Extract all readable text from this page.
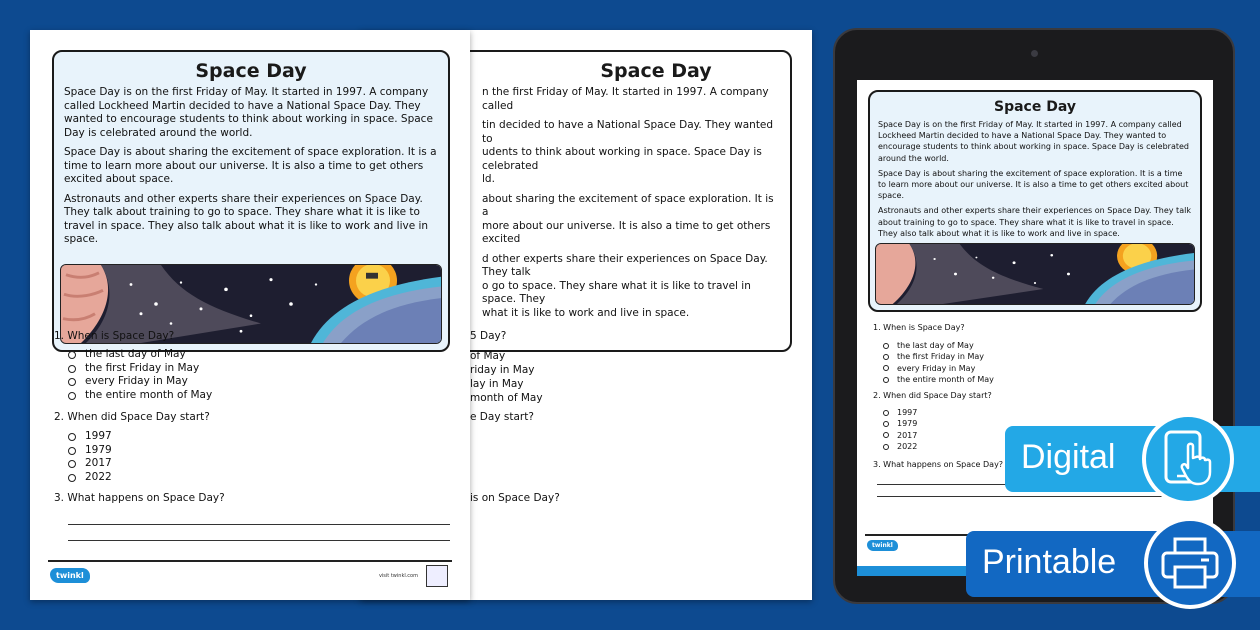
Space Day

Space Day is on the first Friday of May. It started in 1997. A company called Lockheed Martin decided to have a National Space Day. They wanted to encourage students to think about working in space. Space Day is celebrated around the world.

Space Day is about sharing the excitement of space exploration. It is a time to learn more about our universe. It is also a time to get others excited about space.

Astronauts and other experts share their experiences on Space Day. They talk about training to go to space. They share what it is like to travel in space. They also talk about what it is like to work and live in space.

1. When is Space Day?
the last day of May
the first Friday in May
every Friday in May
the entire month of May
2. When did Space Day start?
1997
1979
2017
2022
3. What happens on Space Day?
twinkl	visit twinkl.com
Space Day

n the first Friday of May. It started in 1997. A company called

tin decided to have a National Space Day. They wanted to

udents to think about working in space. Space Day is celebrated

ld.

about sharing the excitement of space exploration. It is a

more about our universe. It is also a time to get others excited

d other experts share their experiences on Space Day. They talk

o go to space. They share what it is like to travel in space. They

what it is like to work and live in space.

5 Day?
of May
riday in May
lay in May
month of May
e Day start?
is on Space Day?
Space Day

Space Day is on the first Friday of May. It started in 1997. A company called Lockheed Martin decided to have a National Space Day. They wanted to encourage students to think about working in space. Space Day is celebrated around the world.

Space Day is about sharing the excitement of space exploration. It is a time to learn more about our universe. It is also a time to get others excited about space.

Astronauts and other experts share their experiences on Space Day. They talk about training to go to space. They share what it is like to travel in space. They also talk about what it is like to work and live in space.

1. When is Space Day?
the last day of May
the first Friday in May
every Friday in May
the entire month of May
2. When did Space Day start?
1997
1979
2017
2022
3. What happens on Space Day?
twinkl
Digital
Printable
